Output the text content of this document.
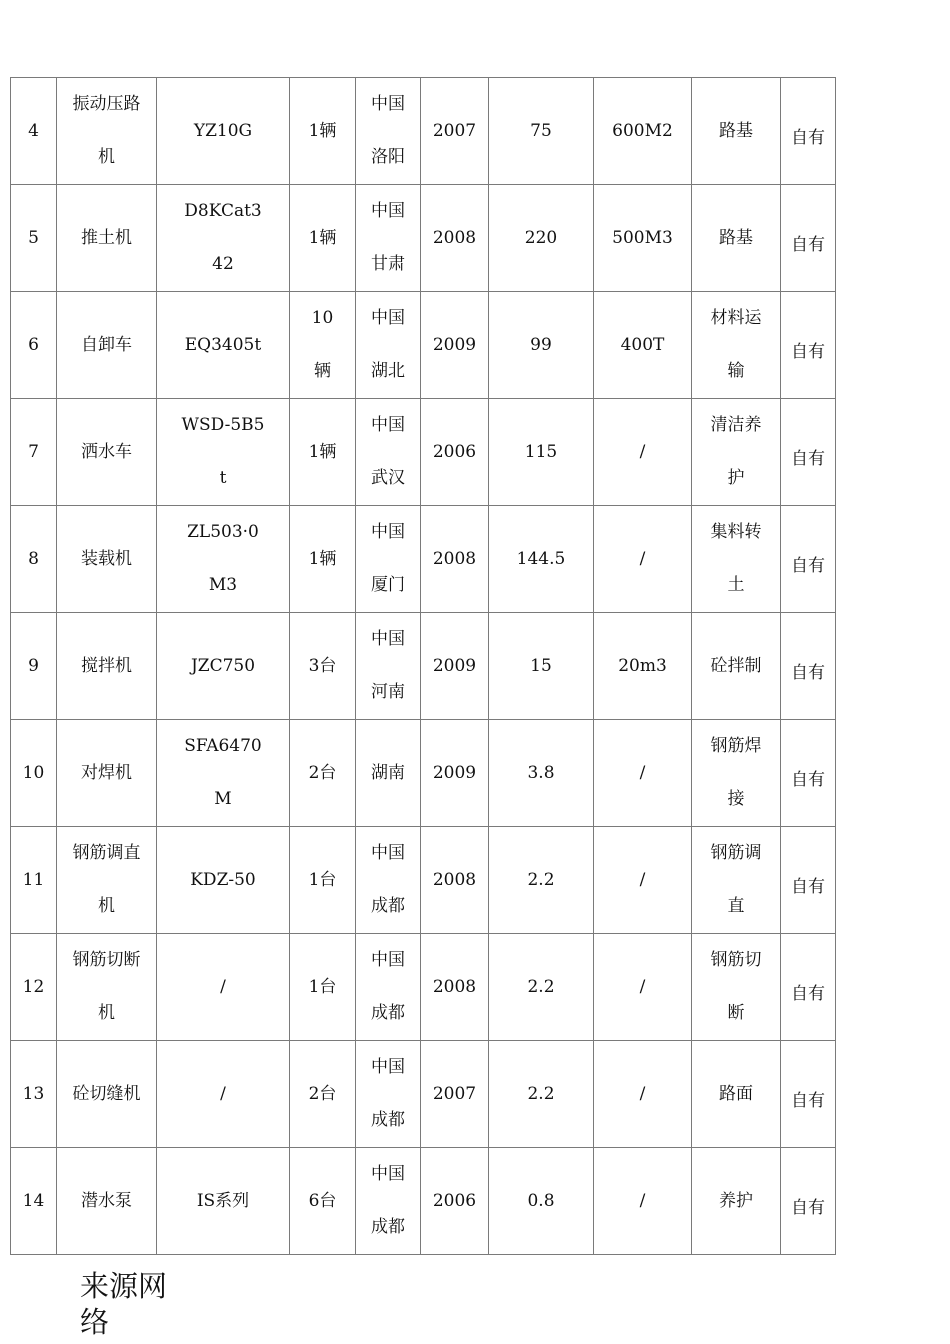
4	振动压路机	YZ10G	1辆	中国洛阳	2007	75	600M2	路基	自有
5	推土机	D8KCat342	1辆	中国甘肃	2008	220	500M3	路基	自有
6	自卸车	EQ3405t	10辆	中国湖北	2009	99	400T	材料运输	自有
7	洒水车	WSD-5B5t	1辆	中国武汉	2006	115	/	清洁养护	自有
8	装载机	ZL503·0M3	1辆	中国厦门	2008	144.5	/	集料转土	自有
9	搅拌机	JZC750	3台	中国河南	2009	15	20m3	砼拌制	自有
10	对焊机	SFA6470M	2台	湖南	2009	3.8	/	钢筋焊接	自有
11	钢筋调直机	KDZ-50	1台	中国成都	2008	2.2	/	钢筋调直	自有
12	钢筋切断机	/	1台	中国成都	2008	2.2	/	钢筋切断	自有
13	砼切缝机	/	2台	中国成都	2007	2.2	/	路面	自有
14	潜水泵	IS系列	6台	中国成都	2006	0.8	/	养护	自有
来源网络
